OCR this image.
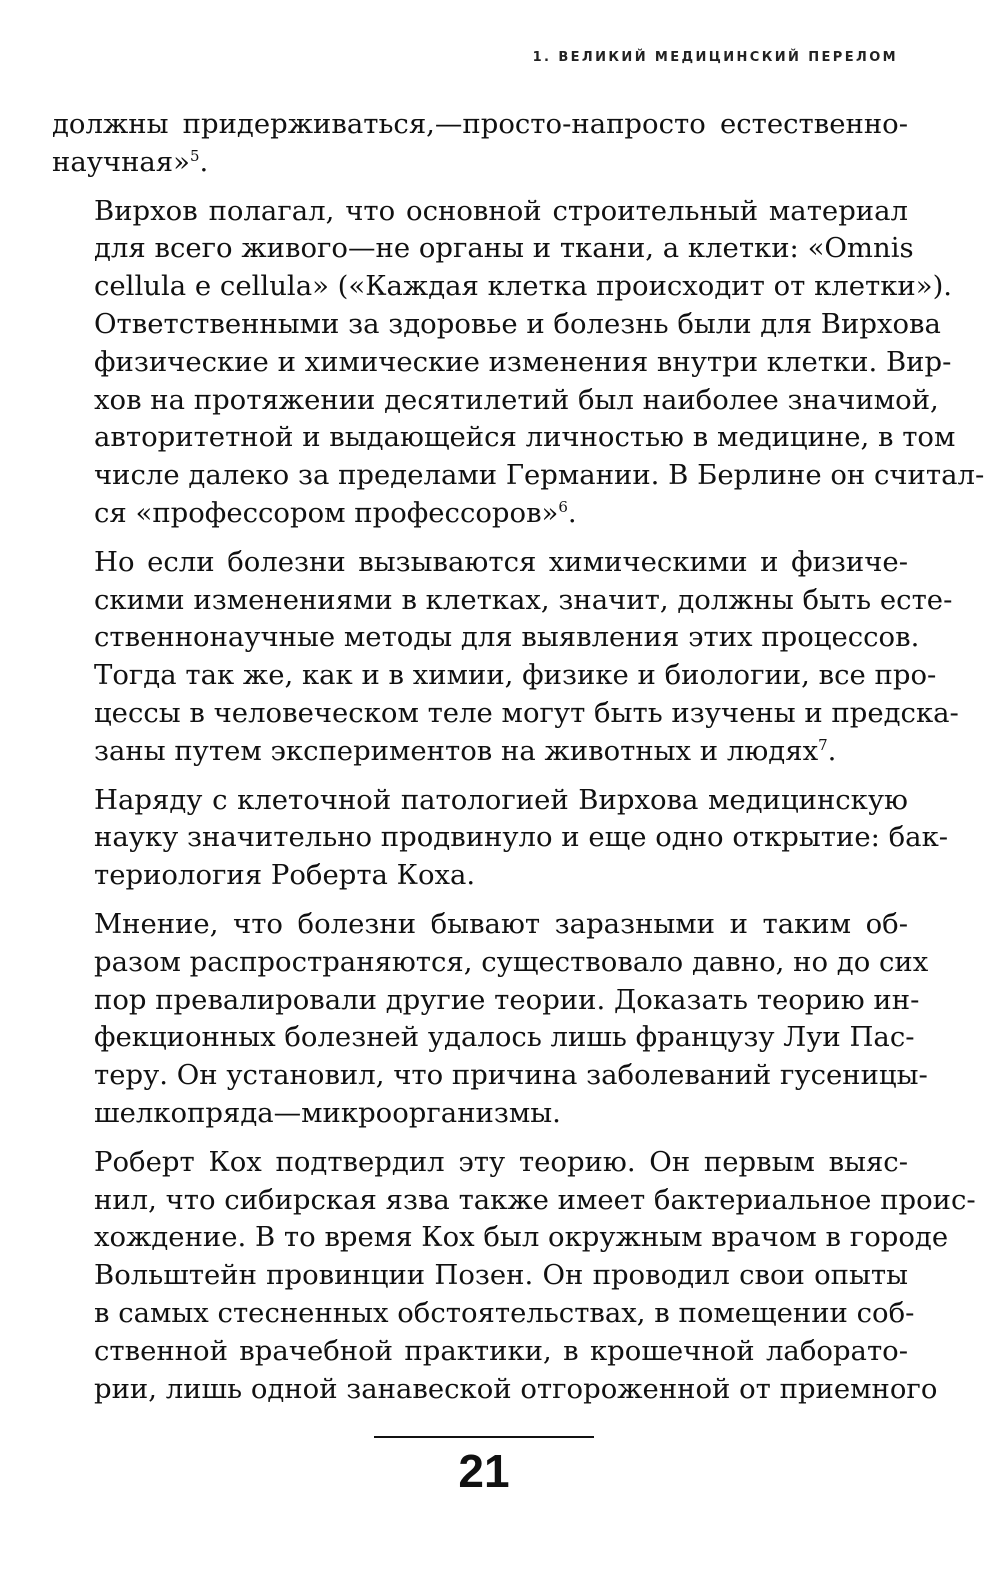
1. ВЕЛИКИЙ МЕДИЦИНСКИЙ ПЕРЕЛОМ

должны придерживаться,—просто-напросто естественно-
научная»$^5$.

Вирхов полагал, что основной строительный материал
для всего живого—не органы и ткани, а клетки: «Omnis
cellula e cellula» («Каждая клетка происходит от клетки»).
Ответственными за здоровье и болезнь были для Вирхова
физические и химические изменения внутри клетки. Вир-
хов на протяжении десятилетий был наиболее значимой,
авторитетной и выдающейся личностью в медицине, в том
числе далеко за пределами Германии. В Берлине он считал-
ся «профессором профессоров»$^6$.

Но если болезни вызываются химическими и физиче-
скими изменениями в клетках, значит, должны быть есте-
ственнонаучные методы для выявления этих процессов.
Тогда так же, как и в химии, физике и биологии, все про-
цессы в человеческом теле могут быть изучены и предска-
заны путем экспериментов на животных и людях$^7$.

Наряду с клеточной патологией Вирхова медицинскую
науку значительно продвинуло и еще одно открытие: бак-
териология Роберта Коха.

Мнение, что болезни бывают заразными и таким об-
разом распространяются, существовало давно, но до сих
пор превалировали другие теории. Доказать теорию ин-
фекционных болезней удалось лишь французу Луи Пас-
теру. Он установил, что причина заболеваний гусеницы-
шелкопряда—микроорганизмы.

Роберт Кох подтвердил эту теорию. Он первым выяс-
нил, что сибирская язва также имеет бактериальное проис-
хождение. В то время Кох был окружным врачом в городе
Вольштейн провинции Позен. Он проводил свои опыты
в самых стесненных обстоятельствах, в помещении соб-
ственной врачебной практики, в крошечной лаборато-
рии, лишь одной занавеской отгороженной от приемного

21
